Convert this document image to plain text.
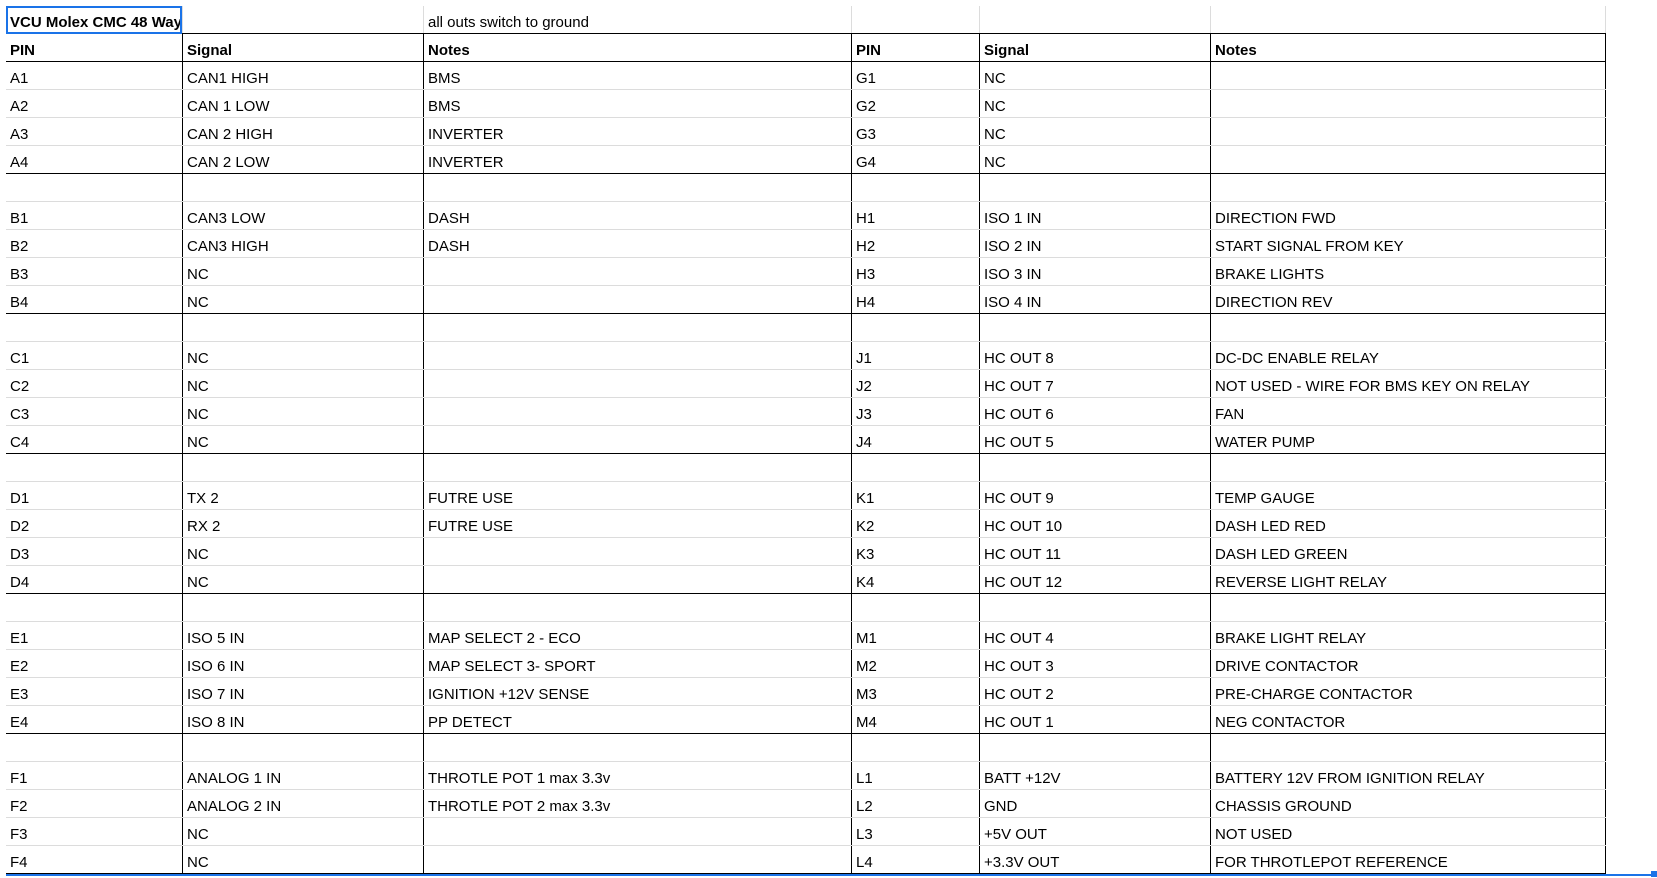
VCU Molex CMC 48 Way		all outs switch to ground			
PIN	Signal	Notes	PIN	Signal	Notes
A1	CAN1 HIGH	BMS	G1	NC	
A2	CAN 1 LOW	BMS	G2	NC	
A3	CAN 2 HIGH	INVERTER	G3	NC	
A4	CAN 2 LOW	INVERTER	G4	NC	

B1	CAN3 LOW	DASH	H1	ISO 1 IN	DIRECTION FWD
B2	CAN3 HIGH	DASH	H2	ISO 2 IN	START SIGNAL FROM KEY
B3	NC		H3	ISO 3 IN	BRAKE LIGHTS
B4	NC		H4	ISO 4 IN	DIRECTION REV

C1	NC		J1	HC OUT 8	DC-DC ENABLE RELAY
C2	NC		J2	HC OUT 7	NOT USED - WIRE FOR BMS KEY ON RELAY
C3	NC		J3	HC OUT 6	FAN
C4	NC		J4	HC OUT 5	WATER PUMP

D1	TX 2	FUTRE USE	K1	HC OUT 9	TEMP GAUGE
D2	RX 2	FUTRE USE	K2	HC OUT 10	DASH LED RED
D3	NC		K3	HC OUT 11	DASH LED GREEN
D4	NC		K4	HC OUT 12	REVERSE LIGHT RELAY

E1	ISO 5 IN	MAP SELECT 2 - ECO	M1	HC OUT 4	BRAKE LIGHT RELAY
E2	ISO 6 IN	MAP SELECT 3- SPORT	M2	HC OUT 3	DRIVE CONTACTOR
E3	ISO 7 IN	IGNITION +12V SENSE	M3	HC OUT 2	PRE-CHARGE CONTACTOR
E4	ISO 8 IN	PP DETECT	M4	HC OUT 1	NEG CONTACTOR

F1	ANALOG 1 IN	THROTLE POT 1 max 3.3v	L1	BATT +12V	BATTERY 12V FROM IGNITION RELAY
F2	ANALOG 2 IN	THROTLE POT 2 max 3.3v	L2	GND	CHASSIS GROUND
F3	NC		L3	+5V OUT	NOT USED
F4	NC		L4	+3.3V OUT	FOR THROTLEPOT REFERENCE
